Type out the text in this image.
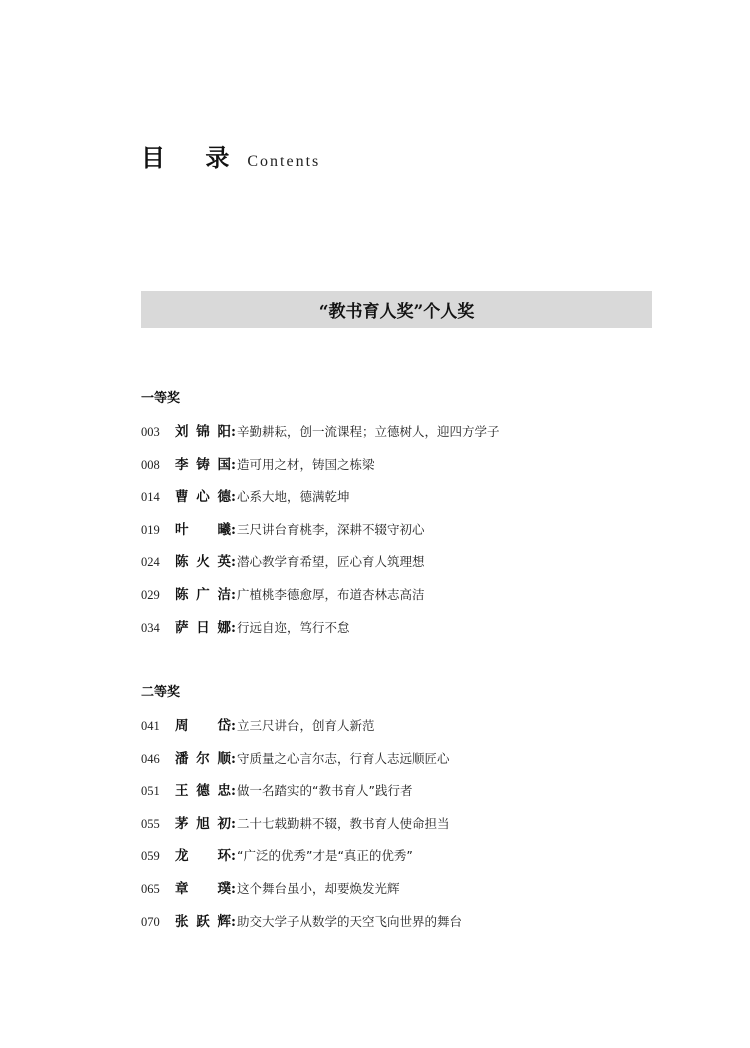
目 录 Contents
“教书育人奖”个人奖
一等奖
003	刘锦阳 : 辛勤耕耘，创一流课程；立德树人，迎四方学子
008	李铸国 : 造可用之材，铸国之栋梁
014	曹心德 : 心系大地，德满乾坤
019	叶 曦 : 三尺讲台育桃李，深耕不辍守初心
024	陈火英 : 潜心教学育希望，匠心育人筑理想
029	陈广洁 : 广植桃李德愈厚，布道杏林志高洁
034	萨日娜 : 行远自迩，笃行不怠
二等奖
041	周 岱 : 立三尺讲台，创育人新范
046	潘尔顺 : 守质量之心言尔志，行育人志远顺匠心
051	王德忠 : 做一名踏实的“教书育人”践行者
055	茅旭初 : 二十七载勤耕不辍，教书育人使命担当
059	龙 环 : “广泛的优秀”才是“真正的优秀”
065	章 璞 : 这个舞台虽小，却要焕发光辉
070	张跃辉 : 助交大学子从数学的天空飞向世界的舞台
